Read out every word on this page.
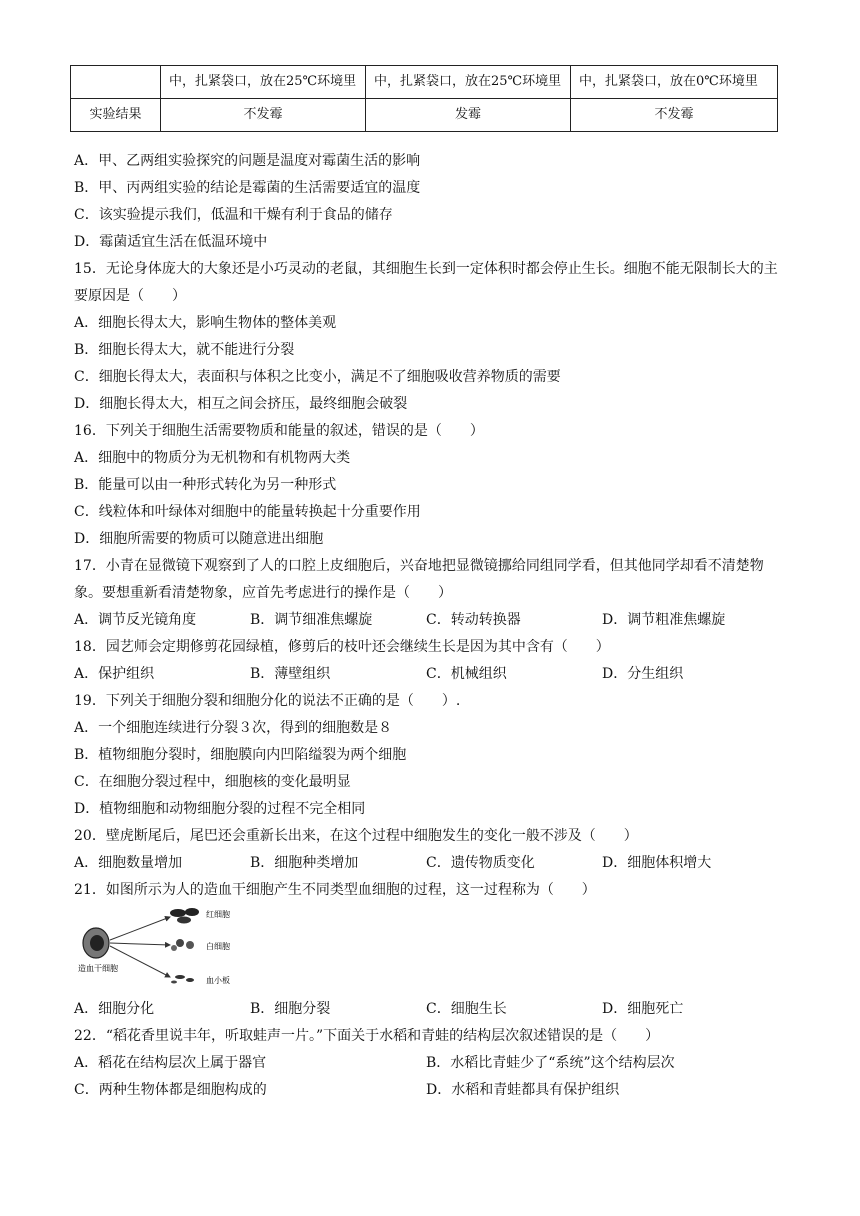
	中，扎紧袋口，放在25℃环境里	中，扎紧袋口，放在25℃环境里	中，扎紧袋口，放在0℃环境里
实验结果	不发霉	发霉	不发霉
A．甲、乙两组实验探究的问题是温度对霉菌生活的影响
B．甲、丙两组实验的结论是霉菌的生活需要适宜的温度
C．该实验提示我们，低温和干燥有利于食品的储存
D．霉菌适宜生活在低温环境中
15．无论身体庞大的大象还是小巧灵动的老鼠，其细胞生长到一定体积时都会停止生长。细胞不能无限制长大的主要原因是（　　）
A．细胞长得太大，影响生物体的整体美观
B．细胞长得太大，就不能进行分裂
C．细胞长得太大，表面积与体积之比变小，满足不了细胞吸收营养物质的需要
D．细胞长得太大，相互之间会挤压，最终细胞会破裂
16．下列关于细胞生活需要物质和能量的叙述，错误的是（　　）
A．细胞中的物质分为无机物和有机物两大类
B．能量可以由一种形式转化为另一种形式
C．线粒体和叶绿体对细胞中的能量转换起十分重要作用
D．细胞所需要的物质可以随意进出细胞
17．小青在显微镜下观察到了人的口腔上皮细胞后，兴奋地把显微镜挪给同组同学看，但其他同学却看不清楚物象。要想重新看清楚物象，应首先考虑进行的操作是（　　）
A．调节反光镜角度	B．调节细准焦螺旋	C．转动转换器	D．调节粗准焦螺旋
18．园艺师会定期修剪花园绿植，修剪后的枝叶还会继续生长是因为其中含有（　　）
A．保护组织	B．薄壁组织	C．机械组织	D．分生组织
19．下列关于细胞分裂和细胞分化的说法不正确的是（　　）.
A．一个细胞连续进行分裂３次，得到的细胞数是８
B．植物细胞分裂时，细胞膜向内凹陷缢裂为两个细胞
C．在细胞分裂过程中，细胞核的变化最明显
D．植物细胞和动物细胞分裂的过程不完全相同
20．壁虎断尾后，尾巴还会重新长出来，在这个过程中细胞发生的变化一般不涉及（　　）
A．细胞数量增加	B．细胞种类增加	C．遗传物质变化	D．细胞体积增大
21．如图所示为人的造血干细胞产生不同类型血细胞的过程，这一过程称为（　　）
红细胞
白细胞
血小板
造血干细胞
A．细胞分化	B．细胞分裂	C．细胞生长	D．细胞死亡
22．“稻花香里说丰年，听取蛙声一片。”下面关于水稻和青蛙的结构层次叙述错误的是（　　）
A．稻花在结构层次上属于器官	B．水稻比青蛙少了“系统”这个结构层次
C．两种生物体都是细胞构成的	D．水稻和青蛙都具有保护组织
